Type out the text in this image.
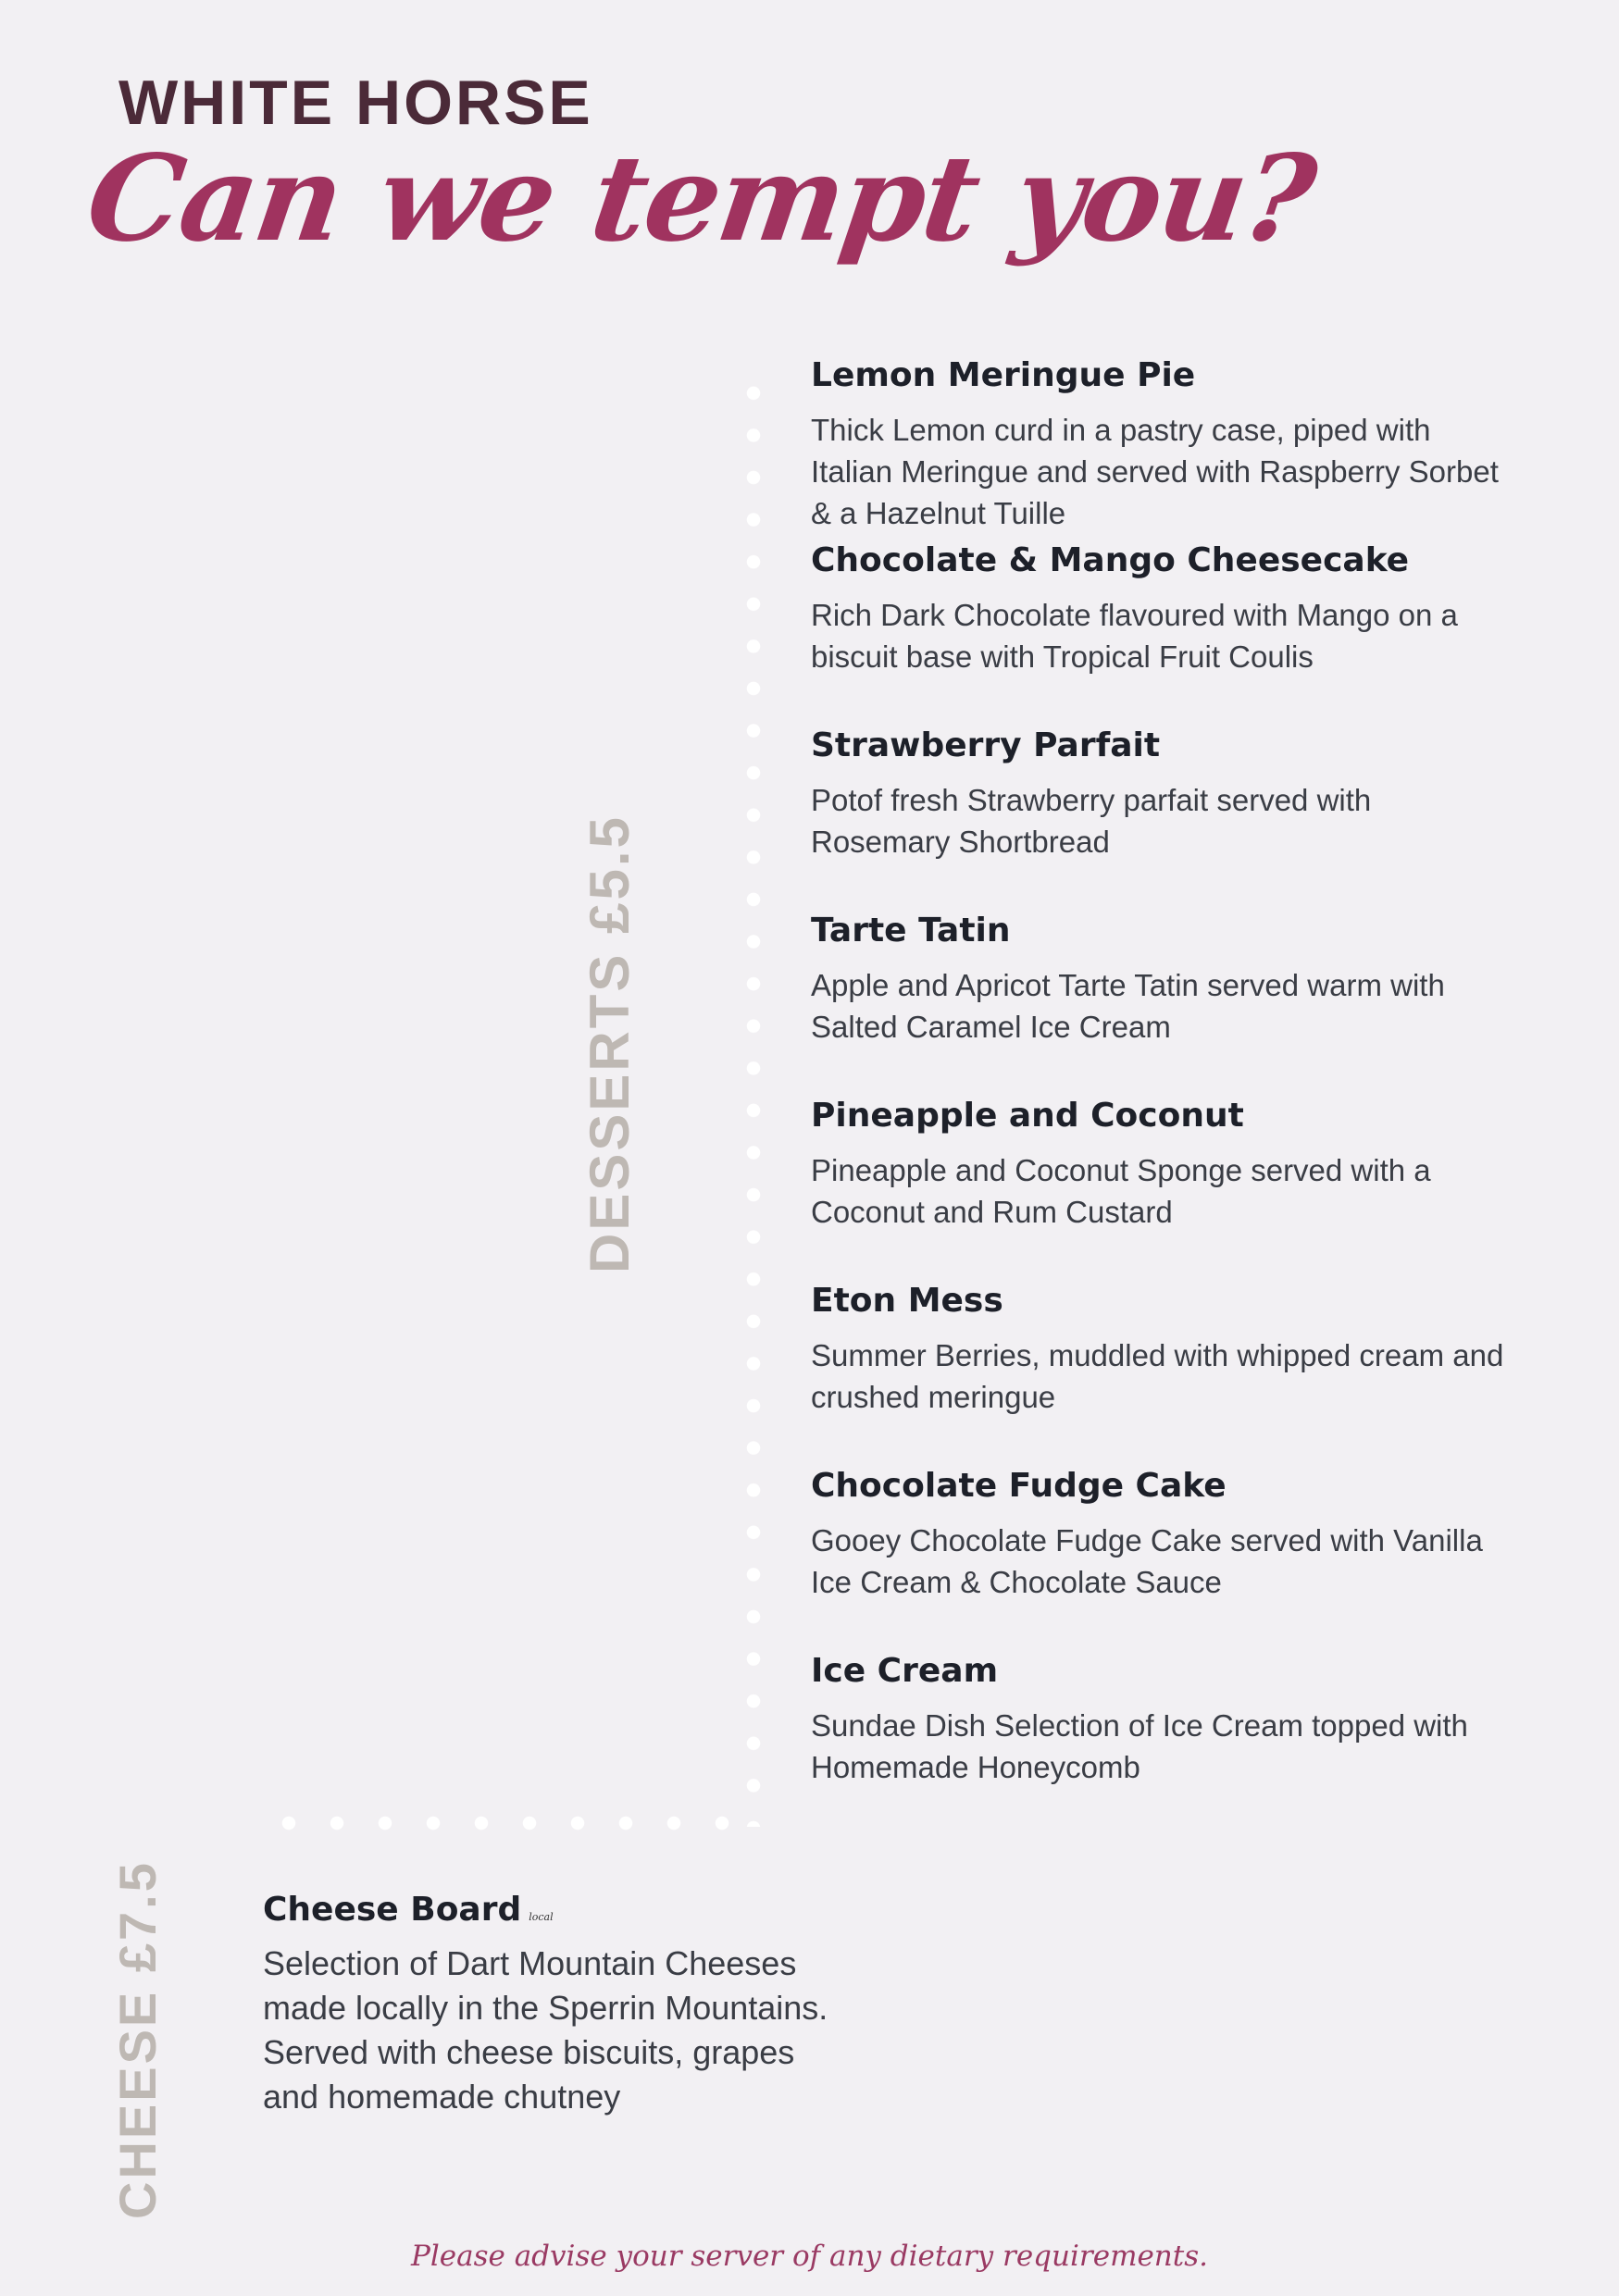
WHITE HORSE
Can we tempt you?
DESSERTS £5.5
Lemon Meringue Pie

Thick Lemon curd in a pastry case, piped with Italian Meringue and served with Raspberry Sorbet & a Hazelnut Tuille

Chocolate & Mango Cheesecake

Rich Dark Chocolate flavoured with Mango on a biscuit base with Tropical Fruit Coulis

Strawberry Parfait

Potof fresh Strawberry parfait served with Rosemary Shortbread

Tarte Tatin

Apple and Apricot Tarte Tatin served warm with Salted Caramel Ice Cream

Pineapple and Coconut

Pineapple and Coconut Sponge served with a Coconut and Rum Custard

Eton Mess

Summer Berries, muddled with whipped cream and crushed meringue

Chocolate Fudge Cake

Gooey Chocolate Fudge Cake served with Vanilla Ice Cream & Chocolate Sauce

Ice Cream

Sundae Dish Selection of Ice Cream topped with Homemade Honeycomb

CHEESE £7.5	Cheese Board local

Selection of Dart Mountain Cheeses
made locally in the Sperrin Mountains.
Served with cheese biscuits, grapes
and homemade chutney

Please advise your server of any dietary requirements.
